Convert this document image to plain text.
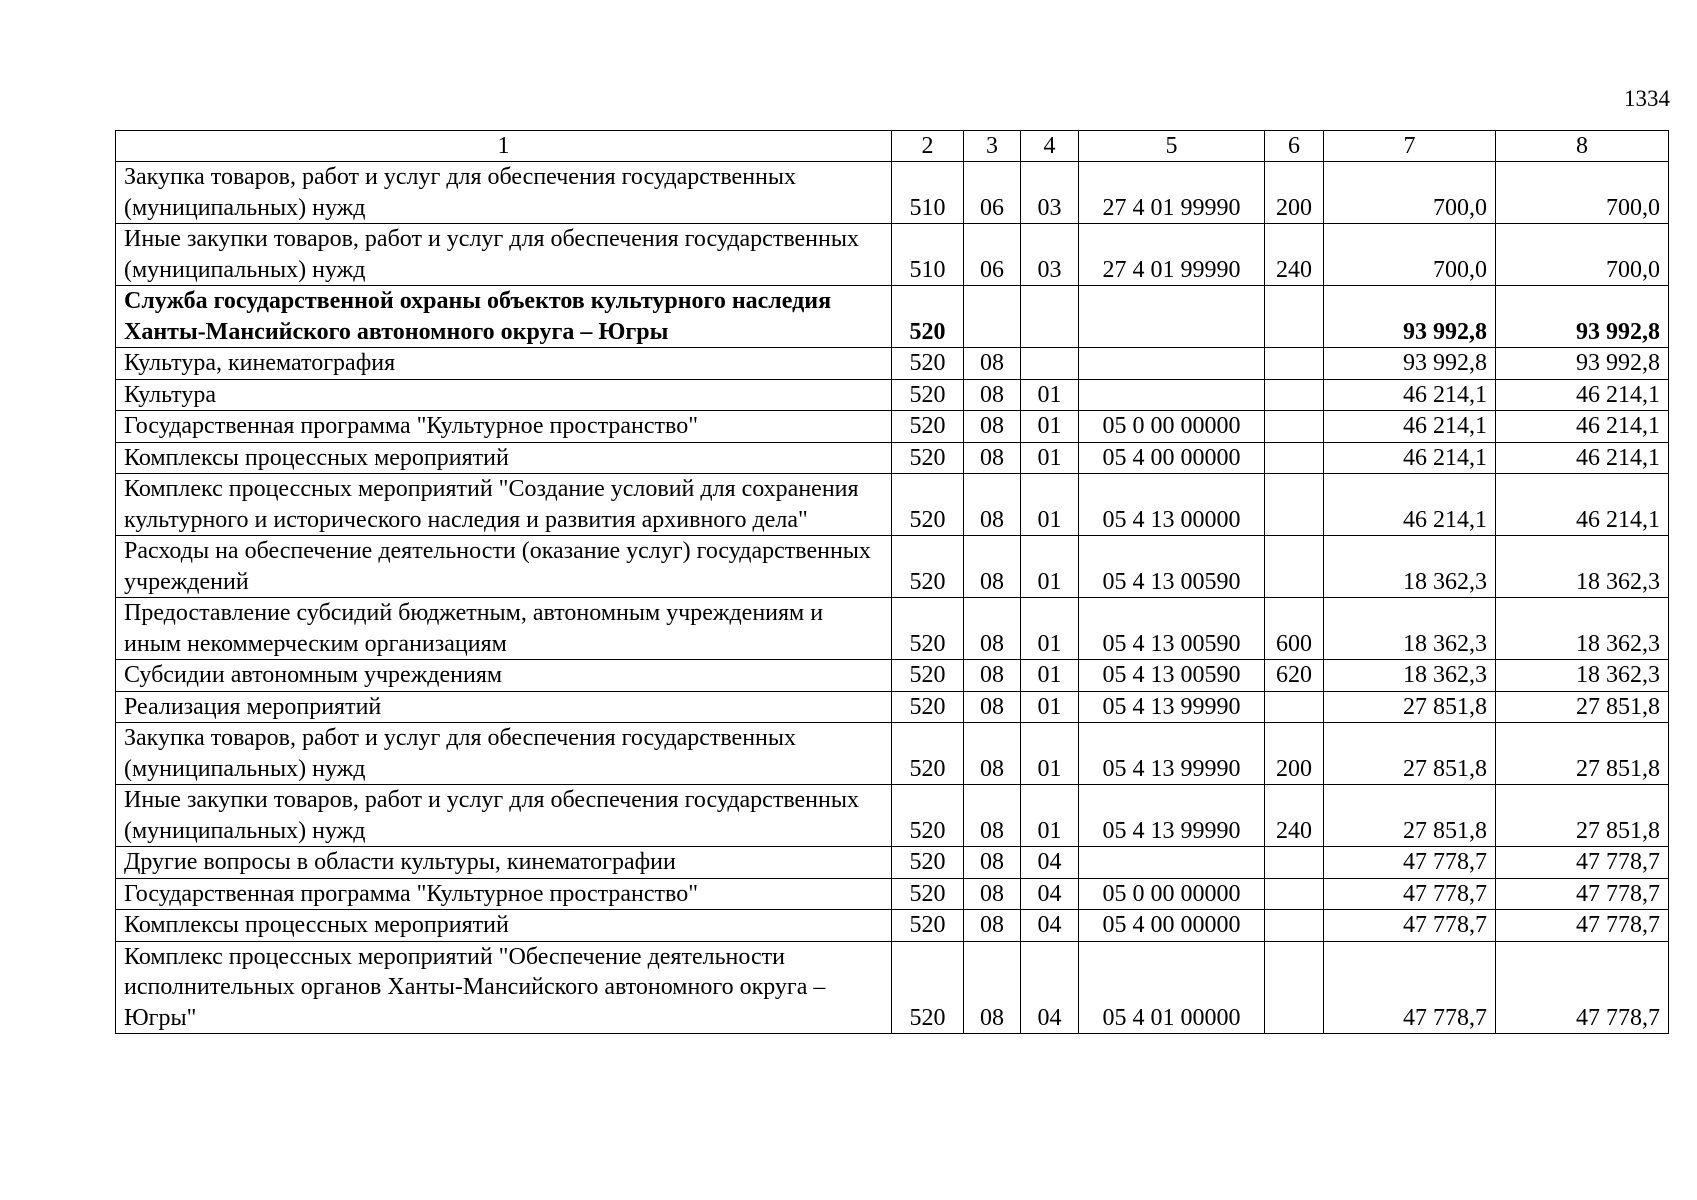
1334
1	2	3	4	5	6	7	8
Закупка товаров, работ и услуг для обеспечения государственных (муниципальных) нужд	510	06	03	27 4 01 99990	200	700,0	700,0
Иные закупки товаров, работ и услуг для обеспечения государственных (муниципальных) нужд	510	06	03	27 4 01 99990	240	700,0	700,0
Служба государственной охраны объектов культурного наследия Ханты-Мансийского автономного округа – Югры	520					93 992,8	93 992,8
Культура, кинематография	520	08				93 992,8	93 992,8
Культура	520	08	01			46 214,1	46 214,1
Государственная программа "Культурное пространство"	520	08	01	05 0 00 00000		46 214,1	46 214,1
Комплексы процессных мероприятий	520	08	01	05 4 00 00000		46 214,1	46 214,1
Комплекс процессных мероприятий "Создание условий для сохранения культурного и исторического наследия и развития архивного дела"	520	08	01	05 4 13 00000		46 214,1	46 214,1
Расходы на обеспечение деятельности (оказание услуг) государственных учреждений	520	08	01	05 4 13 00590		18 362,3	18 362,3
Предоставление субсидий бюджетным, автономным учреждениям и иным некоммерческим организациям	520	08	01	05 4 13 00590	600	18 362,3	18 362,3
Субсидии автономным учреждениям	520	08	01	05 4 13 00590	620	18 362,3	18 362,3
Реализация мероприятий	520	08	01	05 4 13 99990		27 851,8	27 851,8
Закупка товаров, работ и услуг для обеспечения государственных (муниципальных) нужд	520	08	01	05 4 13 99990	200	27 851,8	27 851,8
Иные закупки товаров, работ и услуг для обеспечения государственных (муниципальных) нужд	520	08	01	05 4 13 99990	240	27 851,8	27 851,8
Другие вопросы в области культуры, кинематографии	520	08	04			47 778,7	47 778,7
Государственная программа "Культурное пространство"	520	08	04	05 0 00 00000		47 778,7	47 778,7
Комплексы процессных мероприятий	520	08	04	05 4 00 00000		47 778,7	47 778,7
Комплекс процессных мероприятий "Обеспечение деятельности исполнительных органов Ханты-Мансийского автономного округа – Югры"	520	08	04	05 4 01 00000		47 778,7	47 778,7
